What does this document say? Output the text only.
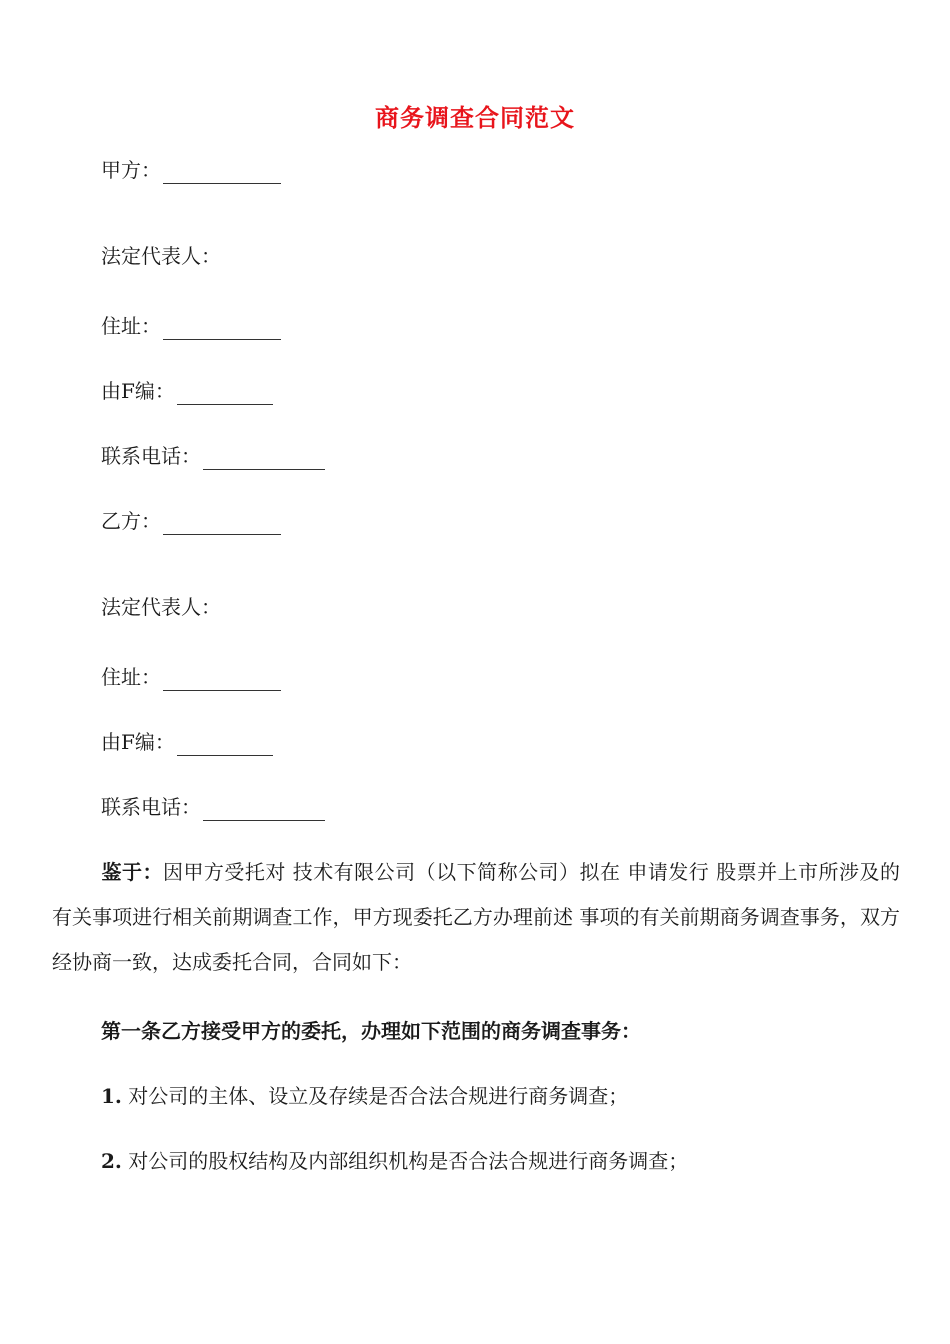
商务调查合同范文
甲方：
法定代表人：
住址：
由F编：
联系电话：
乙方：
法定代表人：
住址：
由F编：
联系电话：
鉴于：因甲方受托对 技术有限公司（以下简称公司）拟在 申请发行 股票并上市所涉及的有关事项进行相关前期调查工作，甲方现委托乙方办理前述 事项的有关前期商务调查事务，双方经协商一致，达成委托合同，合同如下：
第一条乙方接受甲方的委托，办理如下范围的商务调查事务：
1. 对公司的主体、设立及存续是否合法合规进行商务调查；
2. 对公司的股权结构及内部组织机构是否合法合规进行商务调查；
